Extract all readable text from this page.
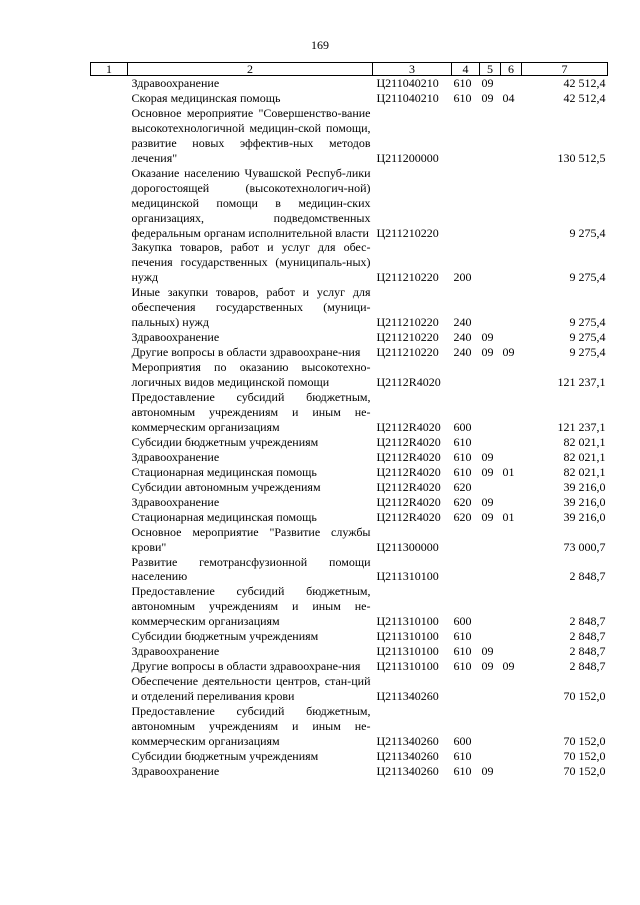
169
1	2	3	4	5	6	7
	Здравоохранение	Ц211040210	610	09		42 512,4
	Скорая медицинская помощь	Ц211040210	610	09	04	42 512,4
	Основное мероприятие "Совершенство-вание высокотехнологичной медицин-ской помощи, развитие новых эффектив-ных методов лечения"	Ц211200000				130 512,5
	Оказание населению Чувашской Респуб-лики дорогостоящей (высокотехнологич-ной) медицинской помощи в медицин-ских организациях, подведомственных федеральным органам исполнительной власти	Ц211210220				9 275,4
	Закупка товаров, работ и услуг для обес-печения государственных (муниципаль-ных) нужд	Ц211210220	200			9 275,4
	Иные закупки товаров, работ и услуг для обеспечения государственных (муници-пальных) нужд	Ц211210220	240			9 275,4
	Здравоохранение	Ц211210220	240	09		9 275,4
	Другие вопросы в области здравоохране-ния	Ц211210220	240	09	09	9 275,4
	Мероприятия по оказанию высокотехно-логичных видов медицинской помощи	Ц2112R4020				121 237,1
	Предоставление субсидий бюджетным, автономным учреждениям и иным не-коммерческим организациям	Ц2112R4020	600			121 237,1
	Субсидии бюджетным учреждениям	Ц2112R4020	610			82 021,1
	Здравоохранение	Ц2112R4020	610	09		82 021,1
	Стационарная медицинская помощь	Ц2112R4020	610	09	01	82 021,1
	Субсидии автономным учреждениям	Ц2112R4020	620			39 216,0
	Здравоохранение	Ц2112R4020	620	09		39 216,0
	Стационарная медицинская помощь	Ц2112R4020	620	09	01	39 216,0
	Основное мероприятие "Развитие службы крови"	Ц211300000				73 000,7
	Развитие гемотрансфузионной помощи населению	Ц211310100				2 848,7
	Предоставление субсидий бюджетным, автономным учреждениям и иным не-коммерческим организациям	Ц211310100	600			2 848,7
	Субсидии бюджетным учреждениям	Ц211310100	610			2 848,7
	Здравоохранение	Ц211310100	610	09		2 848,7
	Другие вопросы в области здравоохране-ния	Ц211310100	610	09	09	2 848,7
	Обеспечение деятельности центров, стан-ций и отделений переливания крови	Ц211340260				70 152,0
	Предоставление субсидий бюджетным, автономным учреждениям и иным не-коммерческим организациям	Ц211340260	600			70 152,0
	Субсидии бюджетным учреждениям	Ц211340260	610			70 152,0
	Здравоохранение	Ц211340260	610	09		70 152,0
